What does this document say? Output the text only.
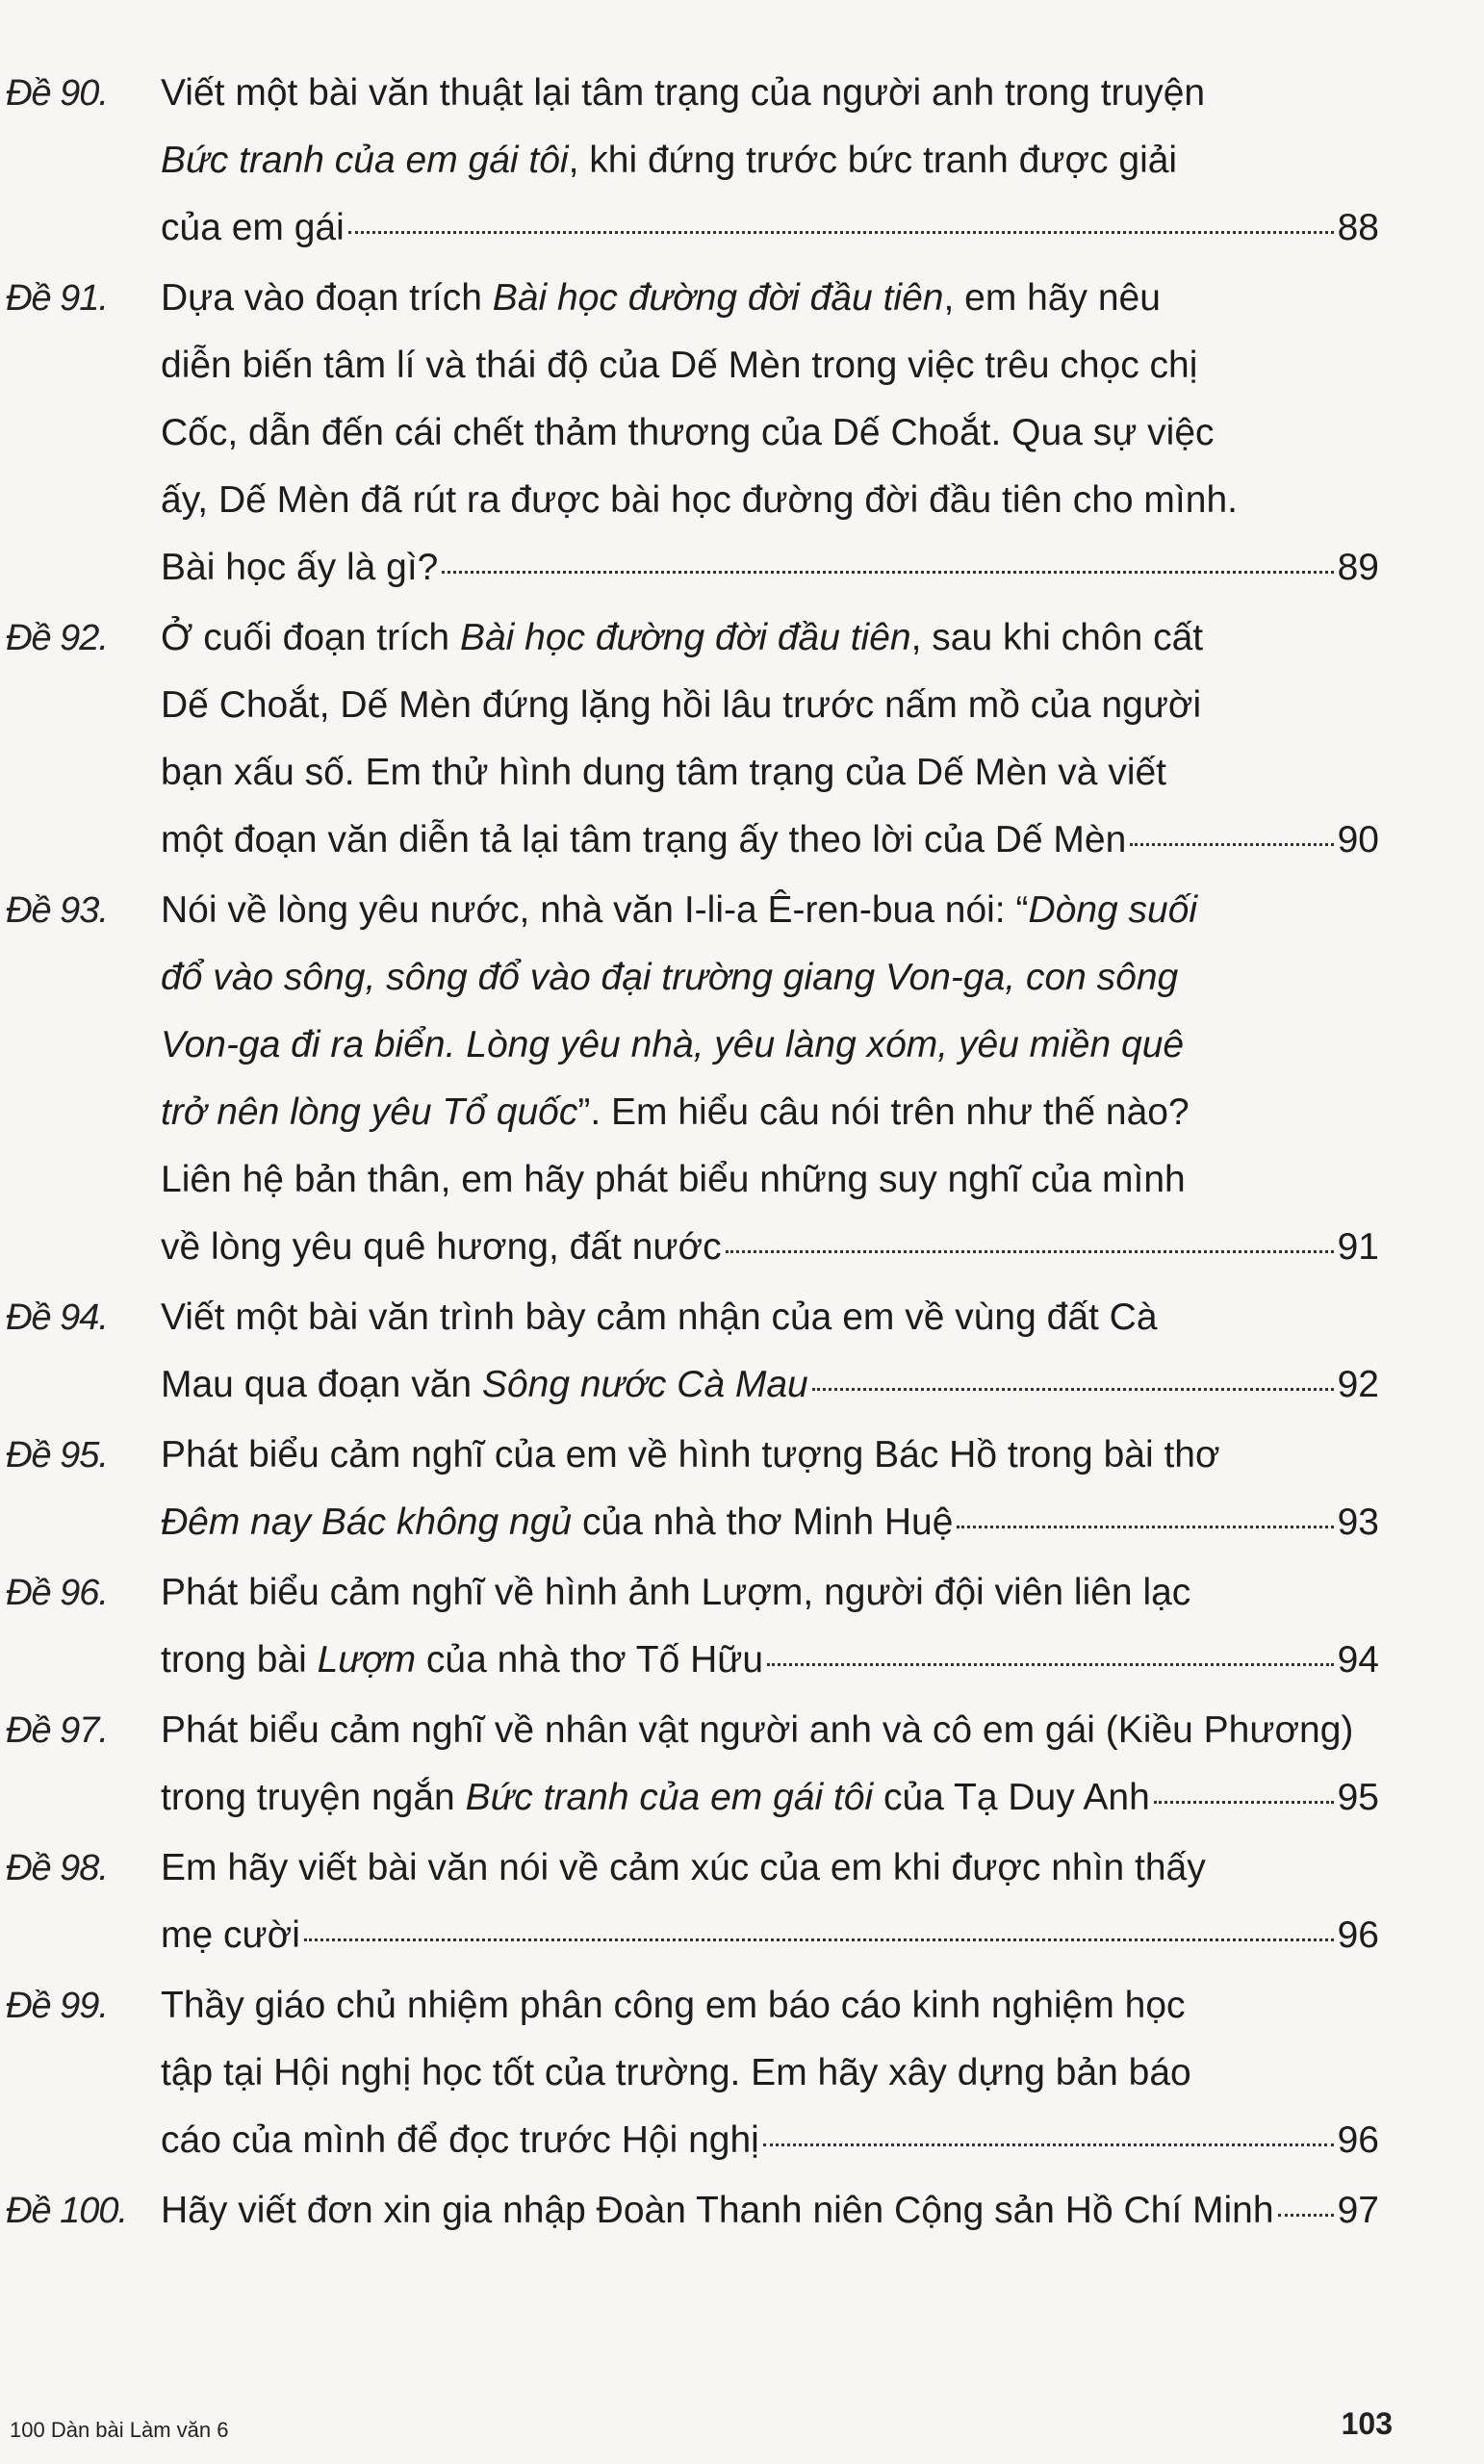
Đề 90. Viết một bài văn thuật lại tâm trạng của người anh trong truyện
Bức tranh của em gái tôi, khi đứng trước bức tranh được giải
của em gái	88
Đề 91. Dựa vào đoạn trích Bài học đường đời đầu tiên, em hãy nêu
diễn biến tâm lí và thái độ của Dế Mèn trong việc trêu chọc chị
Cốc, dẫn đến cái chết thảm thương của Dế Choắt. Qua sự việc
ấy, Dế Mèn đã rút ra được bài học đường đời đầu tiên cho mình.
Bài học ấy là gì?	89
Đề 92. Ở cuối đoạn trích Bài học đường đời đầu tiên, sau khi chôn cất
Dế Choắt, Dế Mèn đứng lặng hồi lâu trước nấm mồ của người
bạn xấu số. Em thử hình dung tâm trạng của Dế Mèn và viết
một đoạn văn diễn tả lại tâm trạng ấy theo lời của Dế Mèn	90
Đề 93. Nói về lòng yêu nước, nhà văn I-li-a Ê-ren-bua nói: “Dòng suối
đổ vào sông, sông đổ vào đại trường giang Von-ga, con sông
Von-ga đi ra biển. Lòng yêu nhà, yêu làng xóm, yêu miền quê
trở nên lòng yêu Tổ quốc”. Em hiểu câu nói trên như thế nào?
Liên hệ bản thân, em hãy phát biểu những suy nghĩ của mình
về lòng yêu quê hương, đất nước	91
Đề 94. Viết một bài văn trình bày cảm nhận của em về vùng đất Cà
Mau qua đoạn văn Sông nước Cà Mau	92
Đề 95. Phát biểu cảm nghĩ của em về hình tượng Bác Hồ trong bài thơ
Đêm nay Bác không ngủ của nhà thơ Minh Huệ	93
Đề 96. Phát biểu cảm nghĩ về hình ảnh Lượm, người đội viên liên lạc
trong bài Lượm của nhà thơ Tố Hữu	94
Đề 97. Phát biểu cảm nghĩ về nhân vật người anh và cô em gái (Kiều Phương)
trong truyện ngắn Bức tranh của em gái tôi của Tạ Duy Anh	95
Đề 98. Em hãy viết bài văn nói về cảm xúc của em khi được nhìn thấy
mẹ cười	96
Đề 99. Thầy giáo chủ nhiệm phân công em báo cáo kinh nghiệm học
tập tại Hội nghị học tốt của trường. Em hãy xây dựng bản báo
cáo của mình để đọc trước Hội nghị	96
Đề 100. Hãy viết đơn xin gia nhập Đoàn Thanh niên Cộng sản Hồ Chí Minh 97
100 Dàn bài Làm văn 6	103
